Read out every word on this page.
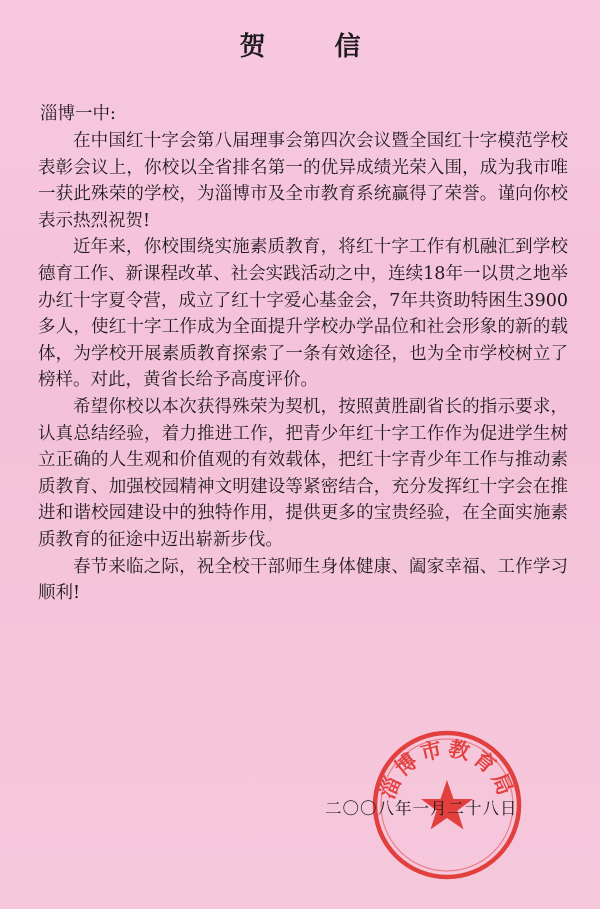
贺 信
淄博一中:

在中国红十字会第八届理事会第四次会议暨全国红十字模范学校表彰会议上，你校以全省排名第一的优异成绩光荣入围，成为我市唯一获此殊荣的学校，为淄博市及全市教育系统赢得了荣誉。谨向你校表示热烈祝贺!

近年来，你校围绕实施素质教育，将红十字工作有机融汇到学校德育工作、新课程改革、社会实践活动之中，连续18年一以贯之地举办红十字夏令营，成立了红十字爱心基金会，7年共资助特困生3900多人，使红十字工作成为全面提升学校办学品位和社会形象的新的载体，为学校开展素质教育探索了一条有效途径，也为全市学校树立了榜样。对此，黄省长给予高度评价。

希望你校以本次获得殊荣为契机，按照黄胜副省长的指示要求，认真总结经验，着力推进工作，把青少年红十字工作作为促进学生树立正确的人生观和价值观的有效载体，把红十字青少年工作与推动素质教育、加强校园精神文明建设等紧密结合，充分发挥红十字会在推进和谐校园建设中的独特作用，提供更多的宝贵经验，在全面实施素质教育的征途中迈出崭新步伐。

春节来临之际，祝全校干部师生身体健康、阖家幸福、工作学习顺利!

淄博市教育局
二〇〇八年一月二十八日
